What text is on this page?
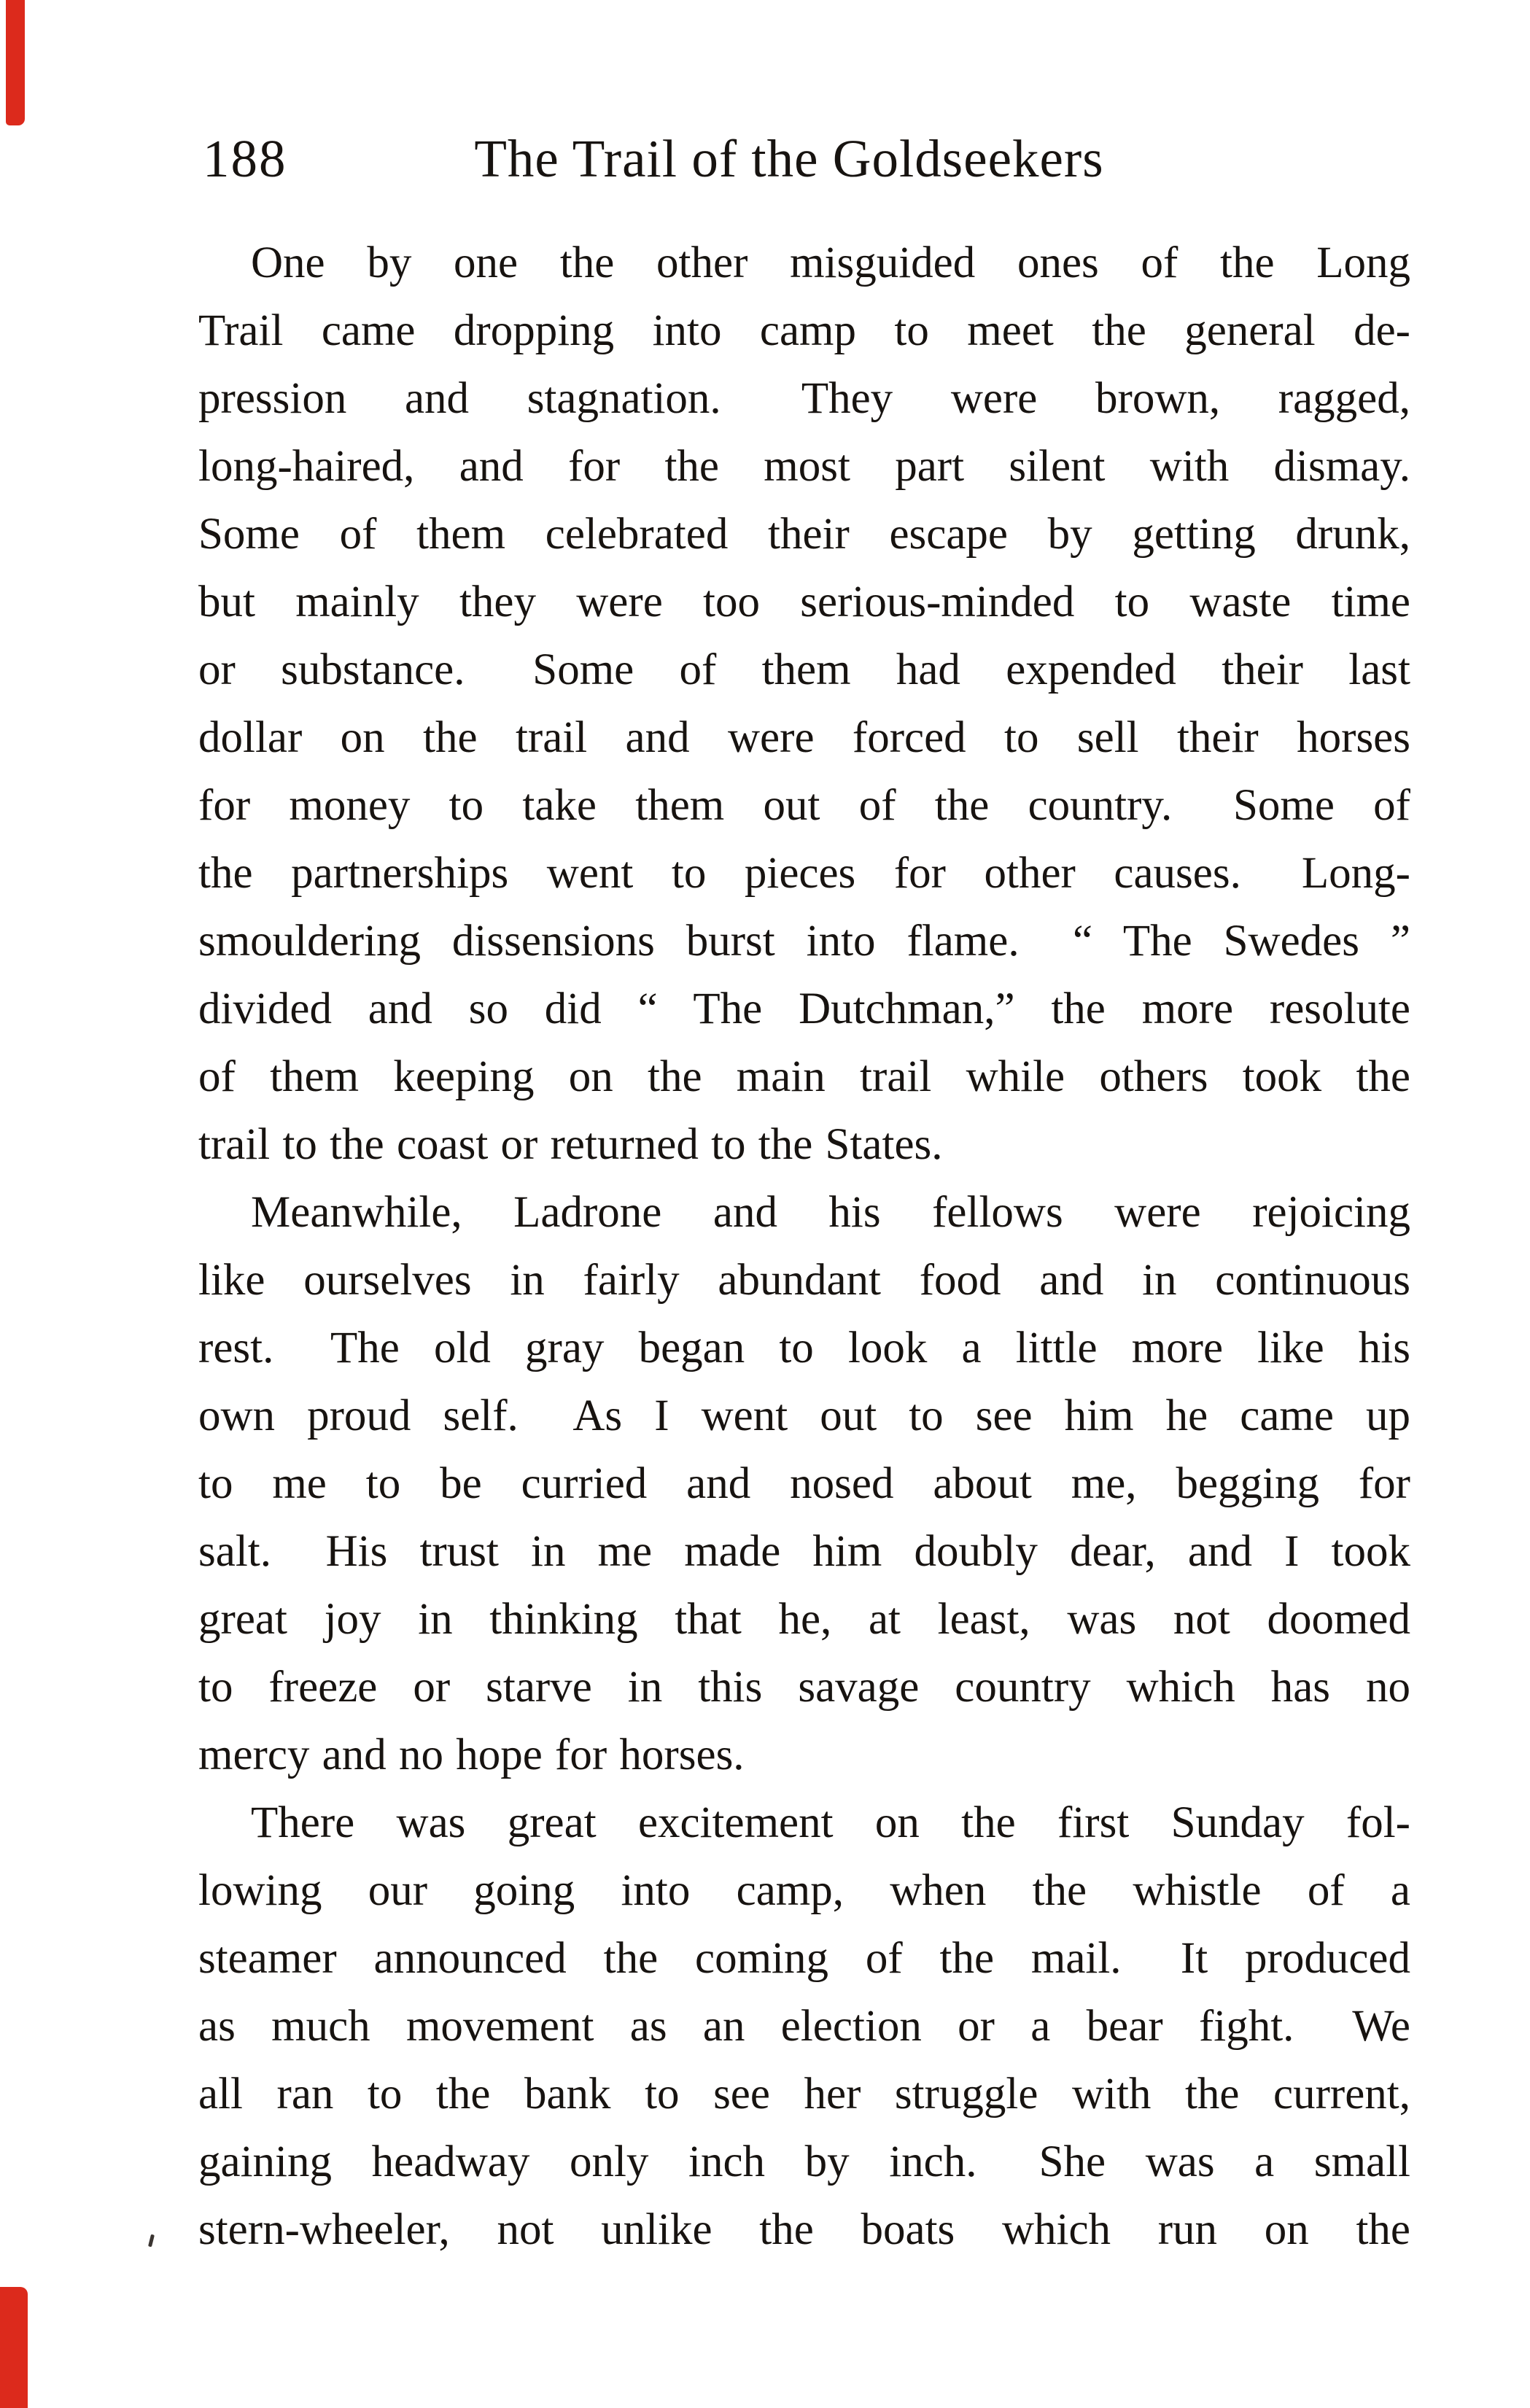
188	The Trail of the Goldseekers
One by one the other misguided ones of the Long
Trail came dropping into camp to meet the general de-
pression and stagnation.  They were brown, ragged,
long-haired, and for the most part silent with dismay.
Some of them celebrated their escape by getting drunk,
but mainly they were too serious-minded to waste time
or substance.  Some of them had expended their last
dollar on the trail and were forced to sell their horses
for money to take them out of the country.  Some of
the partnerships went to pieces for other causes.  Long-
smouldering dissensions burst into flame.  “ The Swedes ”
divided and so did “ The Dutchman,” the more resolute
of them keeping on the main trail while others took the
trail to the coast or returned to the States.
Meanwhile, Ladrone and his fellows were rejoicing
like ourselves in fairly abundant food and in continuous
rest.  The old gray began to look a little more like his
own proud self.  As I went out to see him he came up
to me to be curried and nosed about me, begging for
salt.  His trust in me made him doubly dear, and I took
great joy in thinking that he, at least, was not doomed
to freeze or starve in this savage country which has no
mercy and no hope for horses.
There was great excitement on the first Sunday fol-
lowing our going into camp, when the whistle of a
steamer announced the coming of the mail.  It produced
as much movement as an election or a bear fight.  We
all ran to the bank to see her struggle with the current,
gaining headway only inch by inch.  She was a small
stern-wheeler, not unlike the boats which run on the
